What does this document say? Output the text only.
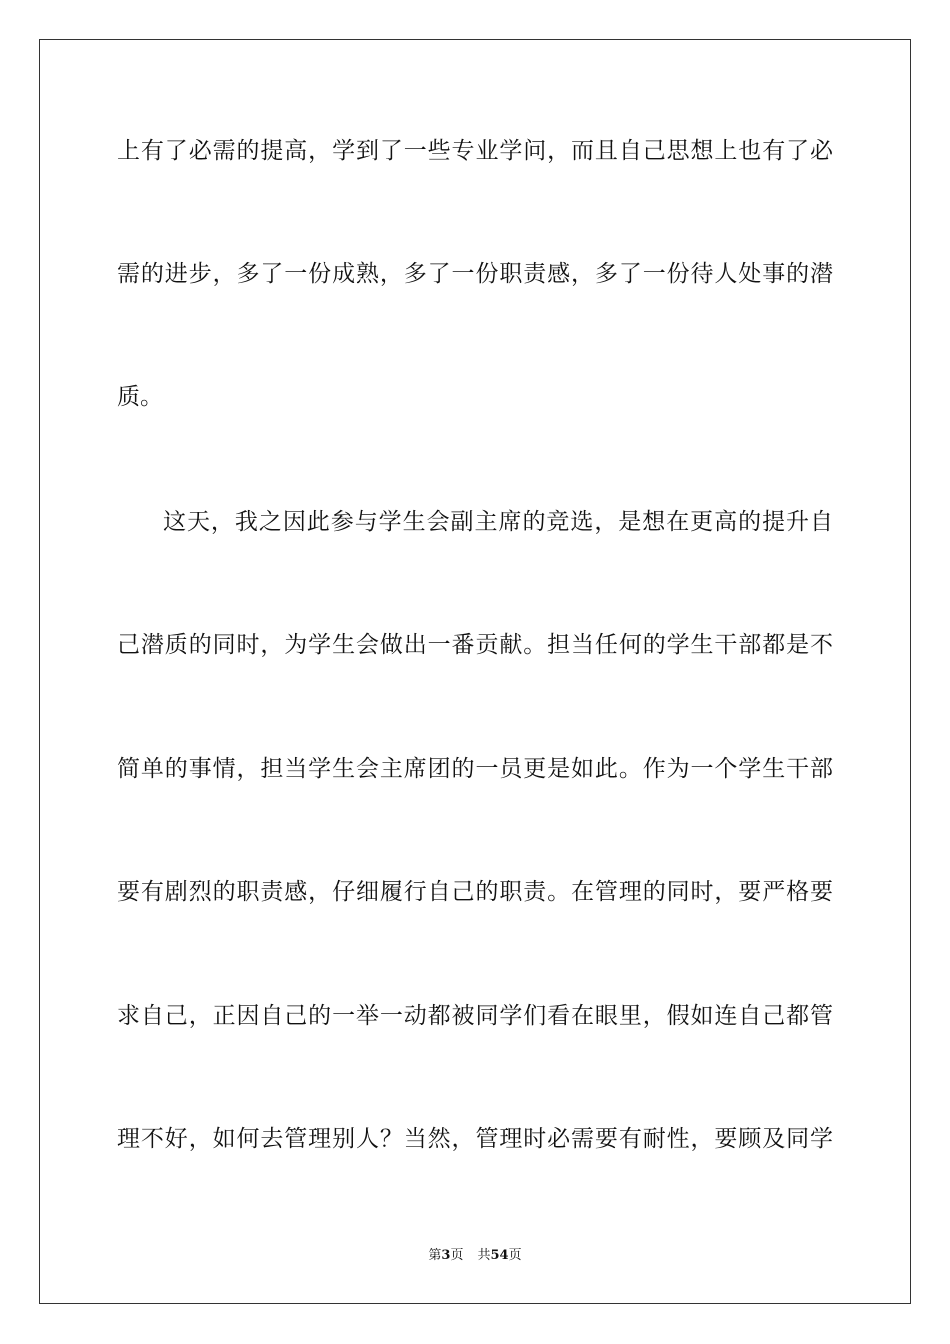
上有了必需的提高，学到了一些专业学问，而且自己思想上也有了必
需的进步，多了一份成熟，多了一份职责感，多了一份待人处事的潜
质。
这天，我之因此参与学生会副主席的竞选，是想在更高的提升自
己潜质的同时，为学生会做出一番贡献。担当任何的学生干部都是不
简单的事情，担当学生会主席团的一员更是如此。作为一个学生干部
要有剧烈的职责感，仔细履行自己的职责。在管理的同时，要严格要
求自己，正因自己的一举一动都被同学们看在眼里，假如连自己都管
理不好，如何去管理别人？当然，管理时必需要有耐性，要顾及同学
第3页 共54页
